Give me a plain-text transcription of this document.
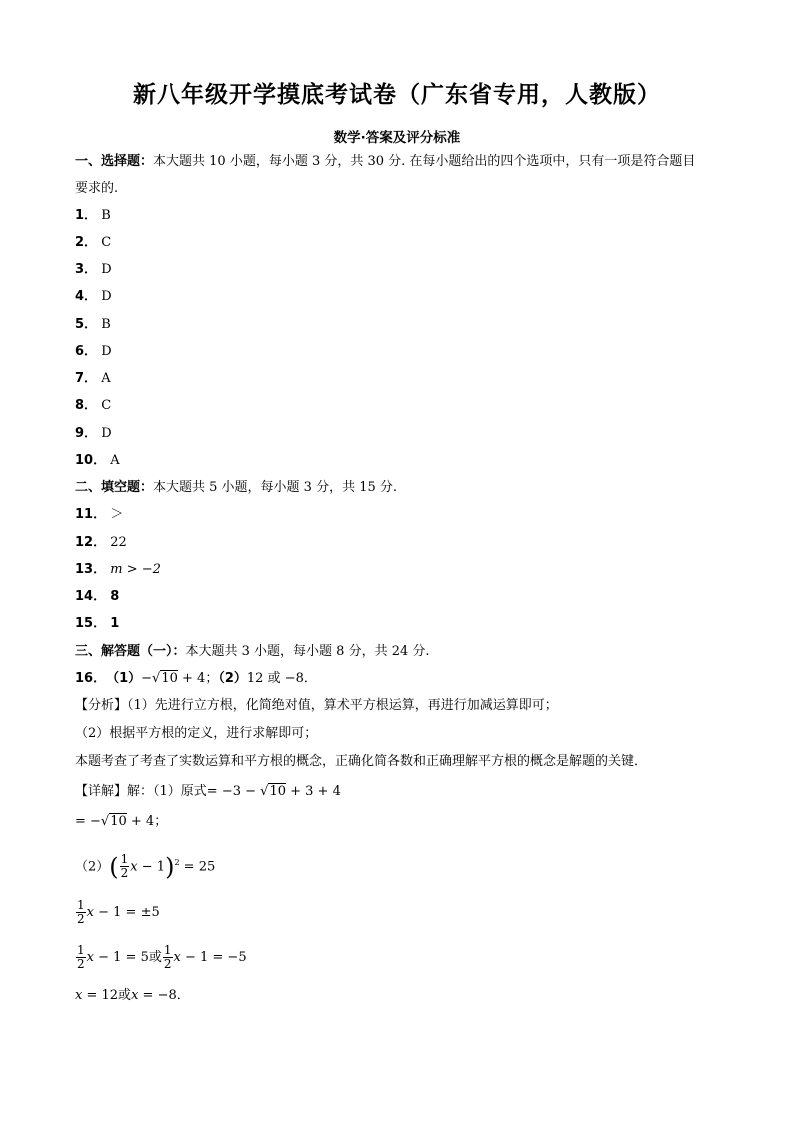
新八年级开学摸底考试卷（广东省专用，人教版）
数学·答案及评分标准
一、选择题：本大题共 10 小题，每小题 3 分，共 30 分. 在每小题给出的四个选项中，只有一项是符合题目
要求的.
1． B
2． C
3． D
4． D
5． B
6． D
7． A
8． C
9． D
10． A
二、填空题：本大题共 5 小题，每小题 3 分，共 15 分.
11． ＞
12． 22
13． m > −2
14． 8
15． 1
三、解答题（一）：本大题共 3 小题，每小题 8 分，共 24 分.
16．（1）−√10 + 4；（2）12 或 −8．
【分析】（1）先进行立方根，化简绝对值，算术平方根运算，再进行加减运算即可；
（2）根据平方根的定义，进行求解即可；
本题考查了考查了实数运算和平方根的概念，正确化简各数和正确理解平方根的概念是解题的关键．
【详解】解：（1）原式= −3 − √10 + 3 + 4
= −√10 + 4；
$(2)( \frac{1}{2}$ $x - 1)^2 = 25$
$\frac{1}{2}$ x − 1 = ±5
$\frac{1}{2}$ x − 1 = 5或 $\frac{1}{2}$ x − 1 = −5
x = 12或x = −8．
